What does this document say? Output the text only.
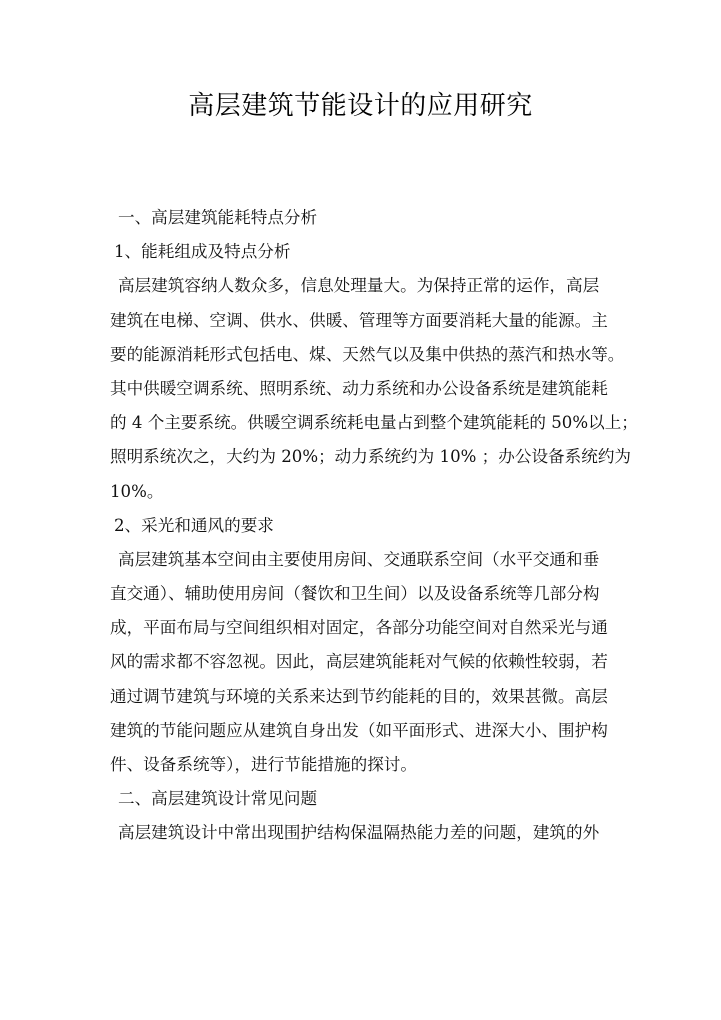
高层建筑节能设计的应用研究
一、高层建筑能耗特点分析
1、能耗组成及特点分析
高层建筑容纳人数众多，信息处理量大。为保持正常的运作，高层
建筑在电梯、空调、供水、供暖、管理等方面要消耗大量的能源。主
要的能源消耗形式包括电、煤、天然气以及集中供热的蒸汽和热水等。
其中供暖空调系统、照明系统、动力系统和办公设备系统是建筑能耗
的 4 个主要系统。供暖空调系统耗电量占到整个建筑能耗的 50%以上；
照明系统次之，大约为 20%；动力系统约为 10% ；办公设备系统约为
10%。
2、采光和通风的要求
高层建筑基本空间由主要使用房间、交通联系空间（水平交通和垂
直交通）、辅助使用房间（餐饮和卫生间）以及设备系统等几部分构
成，平面布局与空间组织相对固定，各部分功能空间对自然采光与通
风的需求都不容忽视。因此，高层建筑能耗对气候的依赖性较弱，若
通过调节建筑与环境的关系来达到节约能耗的目的，效果甚微。高层
建筑的节能问题应从建筑自身出发（如平面形式、进深大小、围护构
件、设备系统等），进行节能措施的探讨。
二、高层建筑设计常见问题
高层建筑设计中常出现围护结构保温隔热能力差的问题，建筑的外
